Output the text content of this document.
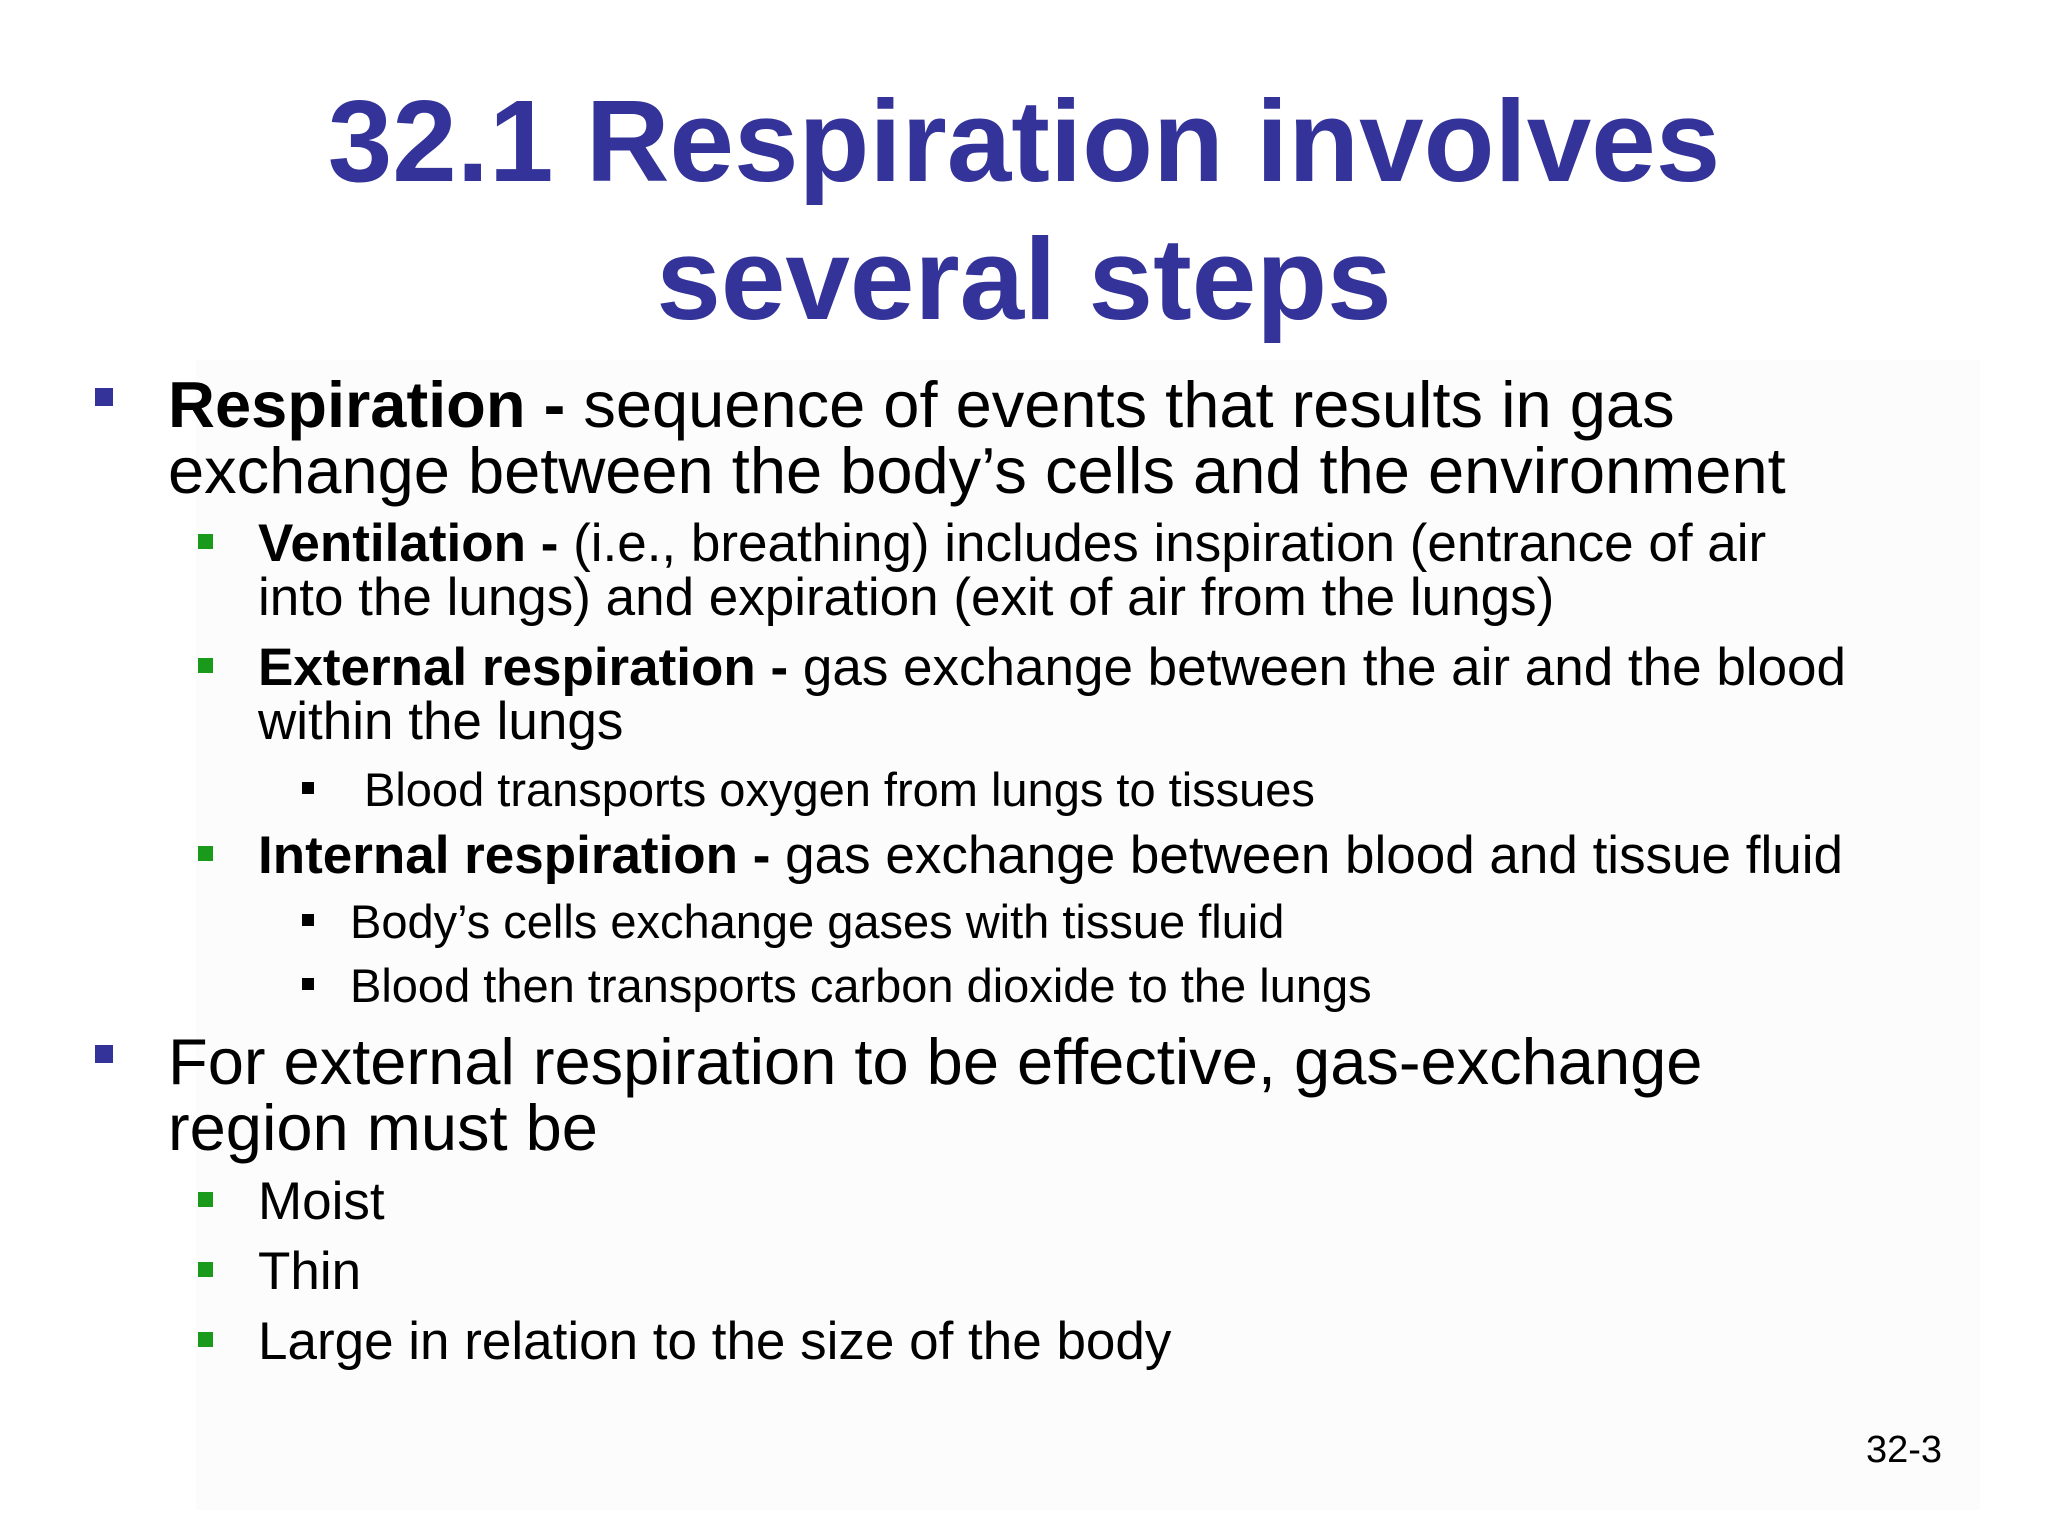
32.1 Respiration involves
several steps
Respiration - sequence of events that results in gas
exchange between the body’s cells and the environment
Ventilation - (i.e., breathing) includes inspiration (entrance of air
into the lungs) and expiration (exit of air from the lungs)
External respiration - gas exchange between the air and the blood
within the lungs
Blood transports oxygen from lungs to tissues
Internal respiration - gas exchange between blood and tissue fluid
Body’s cells exchange gases with tissue fluid
Blood then transports carbon dioxide to the lungs
For external respiration to be effective, gas-exchange
region must be
Moist
Thin
Large in relation to the size of the body
32-3
